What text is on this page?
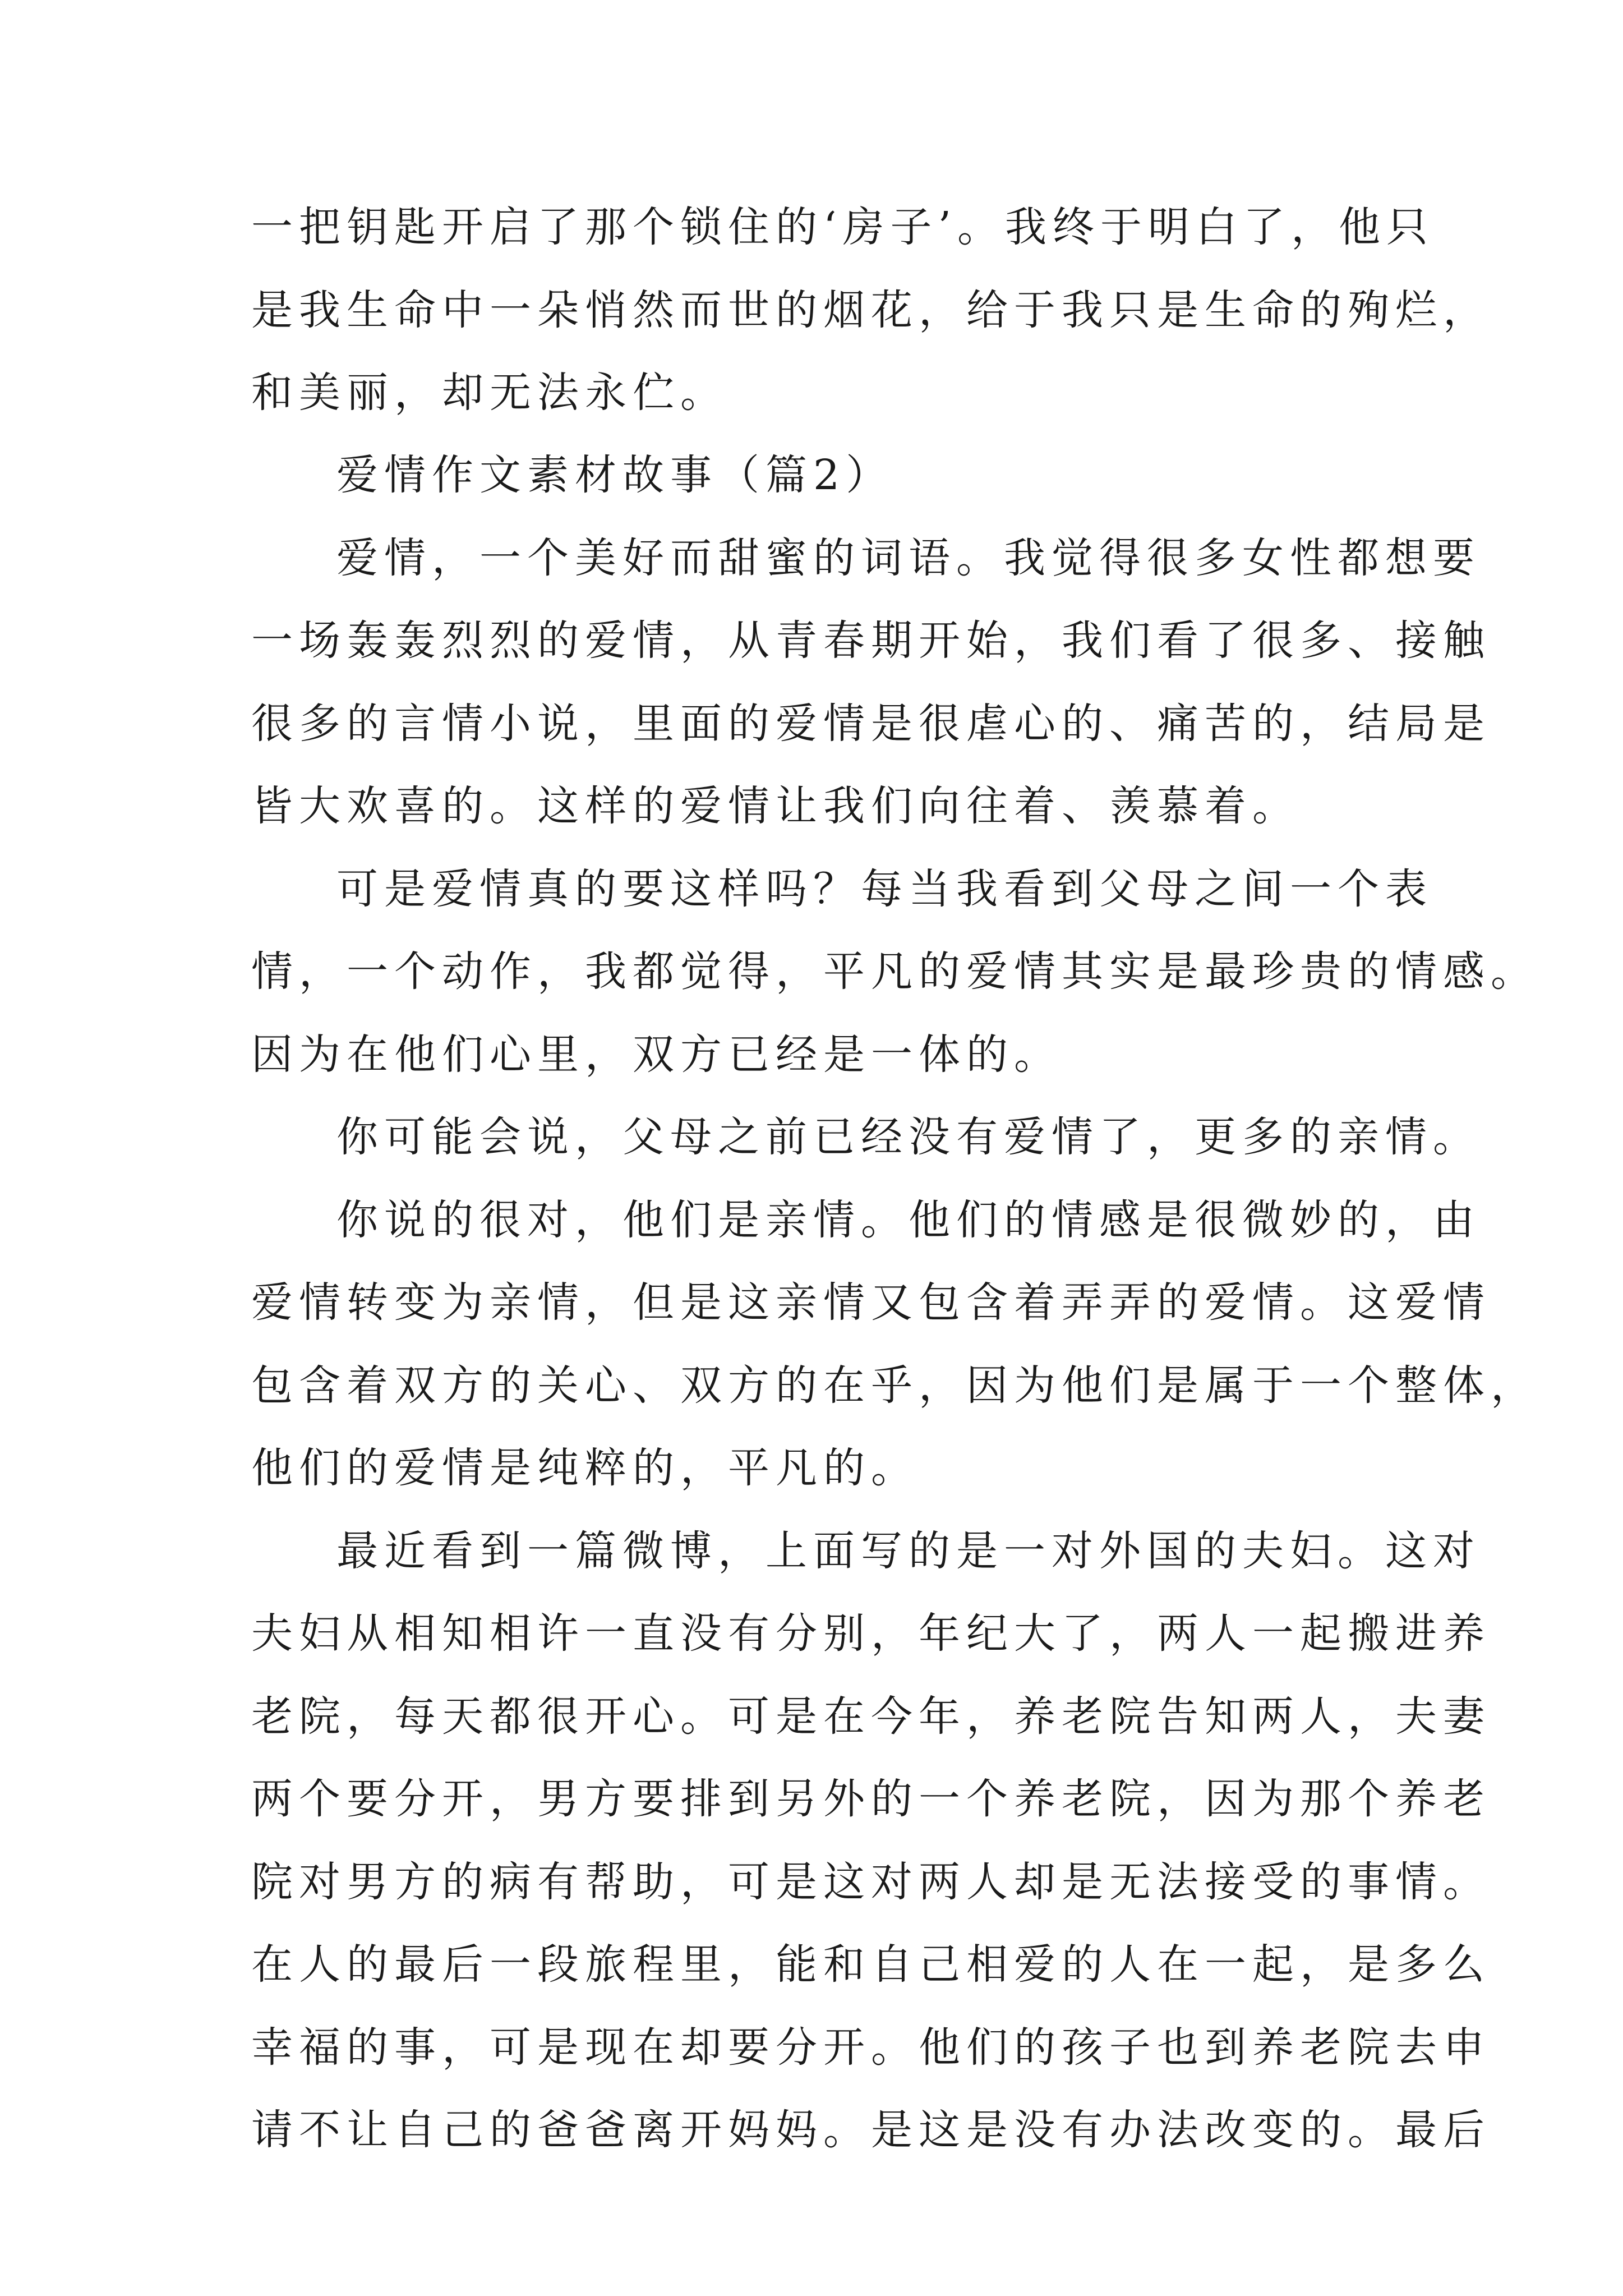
一把钥匙开启了那个锁住的‘房子’。我终于明白了，他只
是我生命中一朵悄然而世的烟花，给于我只是生命的殉烂，
和美丽，却无法永伫。
爱情作文素材故事（篇2）
爱情，一个美好而甜蜜的词语。我觉得很多女性都想要
一场轰轰烈烈的爱情，从青春期开始，我们看了很多、接触
很多的言情小说，里面的爱情是很虐心的、痛苦的，结局是
皆大欢喜的。这样的爱情让我们向往着、羡慕着。
可是爱情真的要这样吗？每当我看到父母之间一个表
情，一个动作，我都觉得，平凡的爱情其实是最珍贵的情感。
因为在他们心里，双方已经是一体的。
你可能会说，父母之前已经没有爱情了，更多的亲情。
你说的很对，他们是亲情。他们的情感是很微妙的，由
爱情转变为亲情，但是这亲情又包含着弄弄的爱情。这爱情
包含着双方的关心、双方的在乎，因为他们是属于一个整体，
他们的爱情是纯粹的，平凡的。
最近看到一篇微博，上面写的是一对外国的夫妇。这对
夫妇从相知相许一直没有分别，年纪大了，两人一起搬进养
老院，每天都很开心。可是在今年，养老院告知两人，夫妻
两个要分开，男方要排到另外的一个养老院，因为那个养老
院对男方的病有帮助，可是这对两人却是无法接受的事情。
在人的最后一段旅程里，能和自己相爱的人在一起，是多么
幸福的事，可是现在却要分开。他们的孩子也到养老院去申
请不让自己的爸爸离开妈妈。是这是没有办法改变的。最后
